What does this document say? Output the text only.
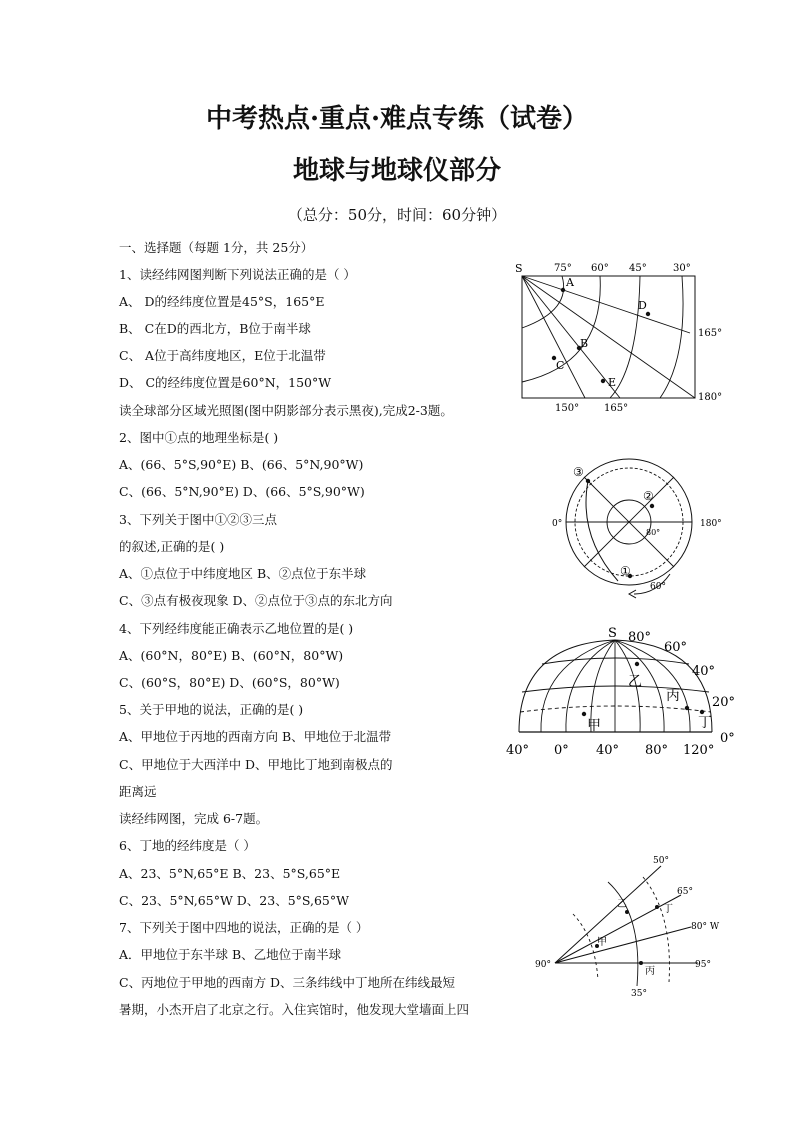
中考热点·重点·难点专练（试卷）
地球与地球仪部分
（总分：50分，时间：60分钟）
一、选择题（每题 1分，共 25分）
1、读经纬网图判断下列说法正确的是（ ）
A、 D的经纬度位置是45°S，165°E
B、 C在D的西北方，B位于南半球
C、 A位于高纬度地区，E位于北温带
D、 C的经纬度位置是60°N，150°W
读全球部分区域光照图(图中阴影部分表示黑夜),完成2-3题。
2、图中①点的地理坐标是( )
A、(66、5°S,90°E) B、(66、5°N,90°W)
C、(66、5°N,90°E) D、(66、5°S,90°W)
3、下列关于图中①②③三点
的叙述,正确的是( )
A、①点位于中纬度地区 B、②点位于东半球
C、③点有极夜现象 D、②点位于③点的东北方向
4、下列经纬度能正确表示乙地位置的是( )
A、(60°N，80°E) B、(60°N，80°W)
C、(60°S，80°E) D、(60°S，80°W)
5、关于甲地的说法，正确的是( )
A、甲地位于丙地的西南方向 B、甲地位于北温带
C、甲地位于大西洋中 D、甲地比丁地到南极点的
距离远
读经纬网图，完成 6-7题。
6、丁地的经纬度是（ ）
A、23、5°N,65°E B、23、5°S,65°E
C、23、5°N,65°W D、23、5°S,65°W
7、下列关于图中四地的说法，正确的是（ ）
A．甲地位于东半球 B、乙地位于南半球
C、丙地位于甲地的西南方 D、三条纬线中丁地所在纬线最短
暑期，小杰开启了北京之行。入住宾馆时，他发现大堂墙面上四
S	75° 60° 45°	30°
150° 165°
165°
180°
A
B
C
D
E
③
②
①
0°	180°
80°
60°
S 80°
60°
40°
20°
0°
40° 0° 40° 80° 120°
甲
乙
丙
丁
50°
65°
80° W
95°
90°
35°
甲
乙
丙
丁
